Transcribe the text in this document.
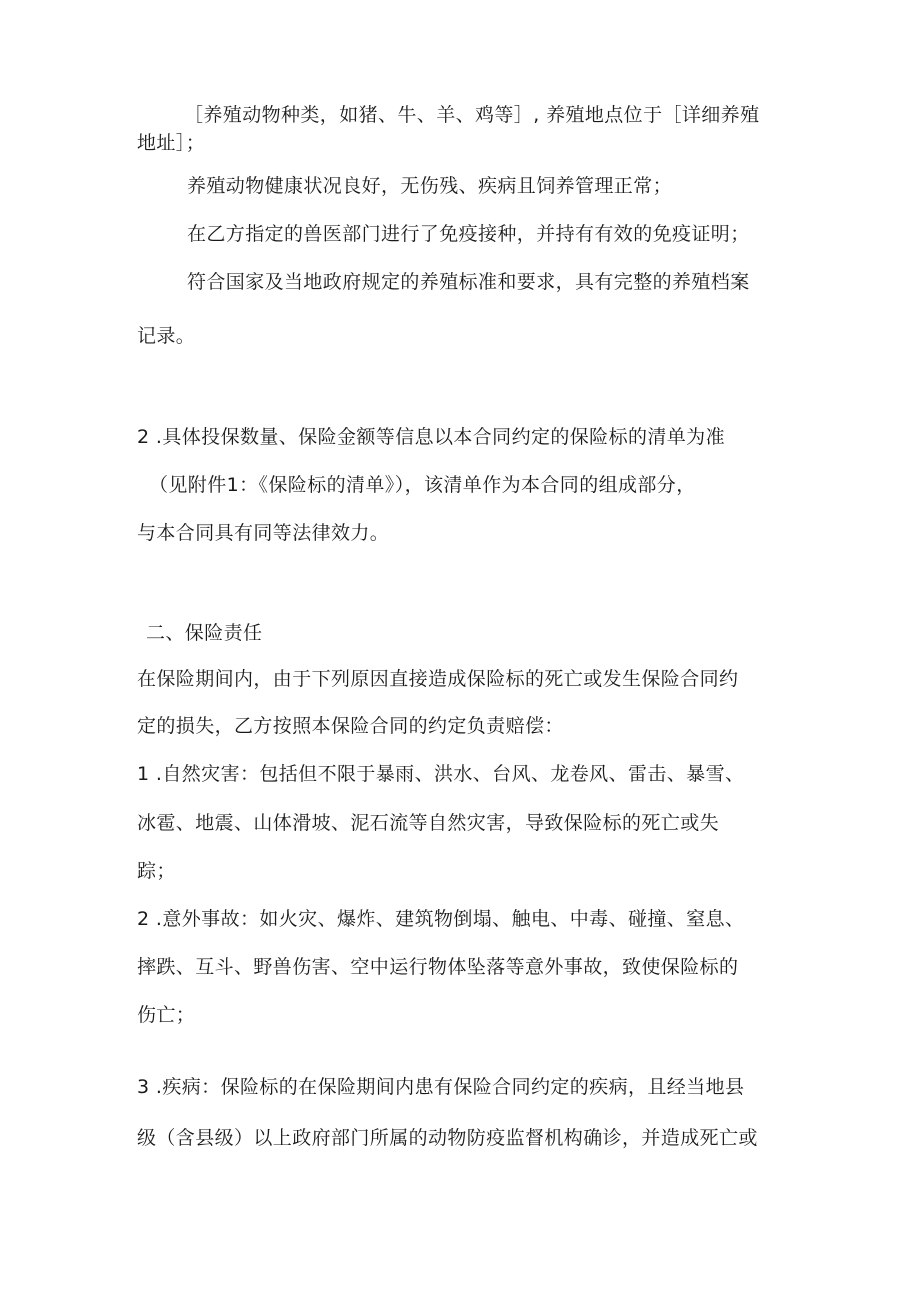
［养殖动物种类，如猪、牛、羊、鸡等］, 养殖地点位于［详细养殖
地址］；
养殖动物健康状况良好，无伤残、疾病且饲养管理正常；
在乙方指定的兽医部门进行了免疫接种，并持有有效的免疫证明；
符合国家及当地政府规定的养殖标准和要求，具有完整的养殖档案
记录。
2 .具体投保数量、保险金额等信息以本合同约定的保险标的清单为准
（见附件1：《保险标的清单》），该清单作为本合同的组成部分，
与本合同具有同等法律效力。
二、保险责任
在保险期间内，由于下列原因直接造成保险标的死亡或发生保险合同约
定的损失，乙方按照本保险合同的约定负责赔偿：
1 .自然灾害：包括但不限于暴雨、洪水、台风、龙卷风、雷击、暴雪、
冰雹、地震、山体滑坡、泥石流等自然灾害，导致保险标的死亡或失
踪；
2 .意外事故：如火灾、爆炸、建筑物倒塌、触电、中毒、碰撞、窒息、
摔跌、互斗、野兽伤害、空中运行物体坠落等意外事故，致使保险标的
伤亡；
3 .疾病：保险标的在保险期间内患有保险合同约定的疾病，且经当地县
级（含县级）以上政府部门所属的动物防疫监督机构确诊，并造成死亡或
